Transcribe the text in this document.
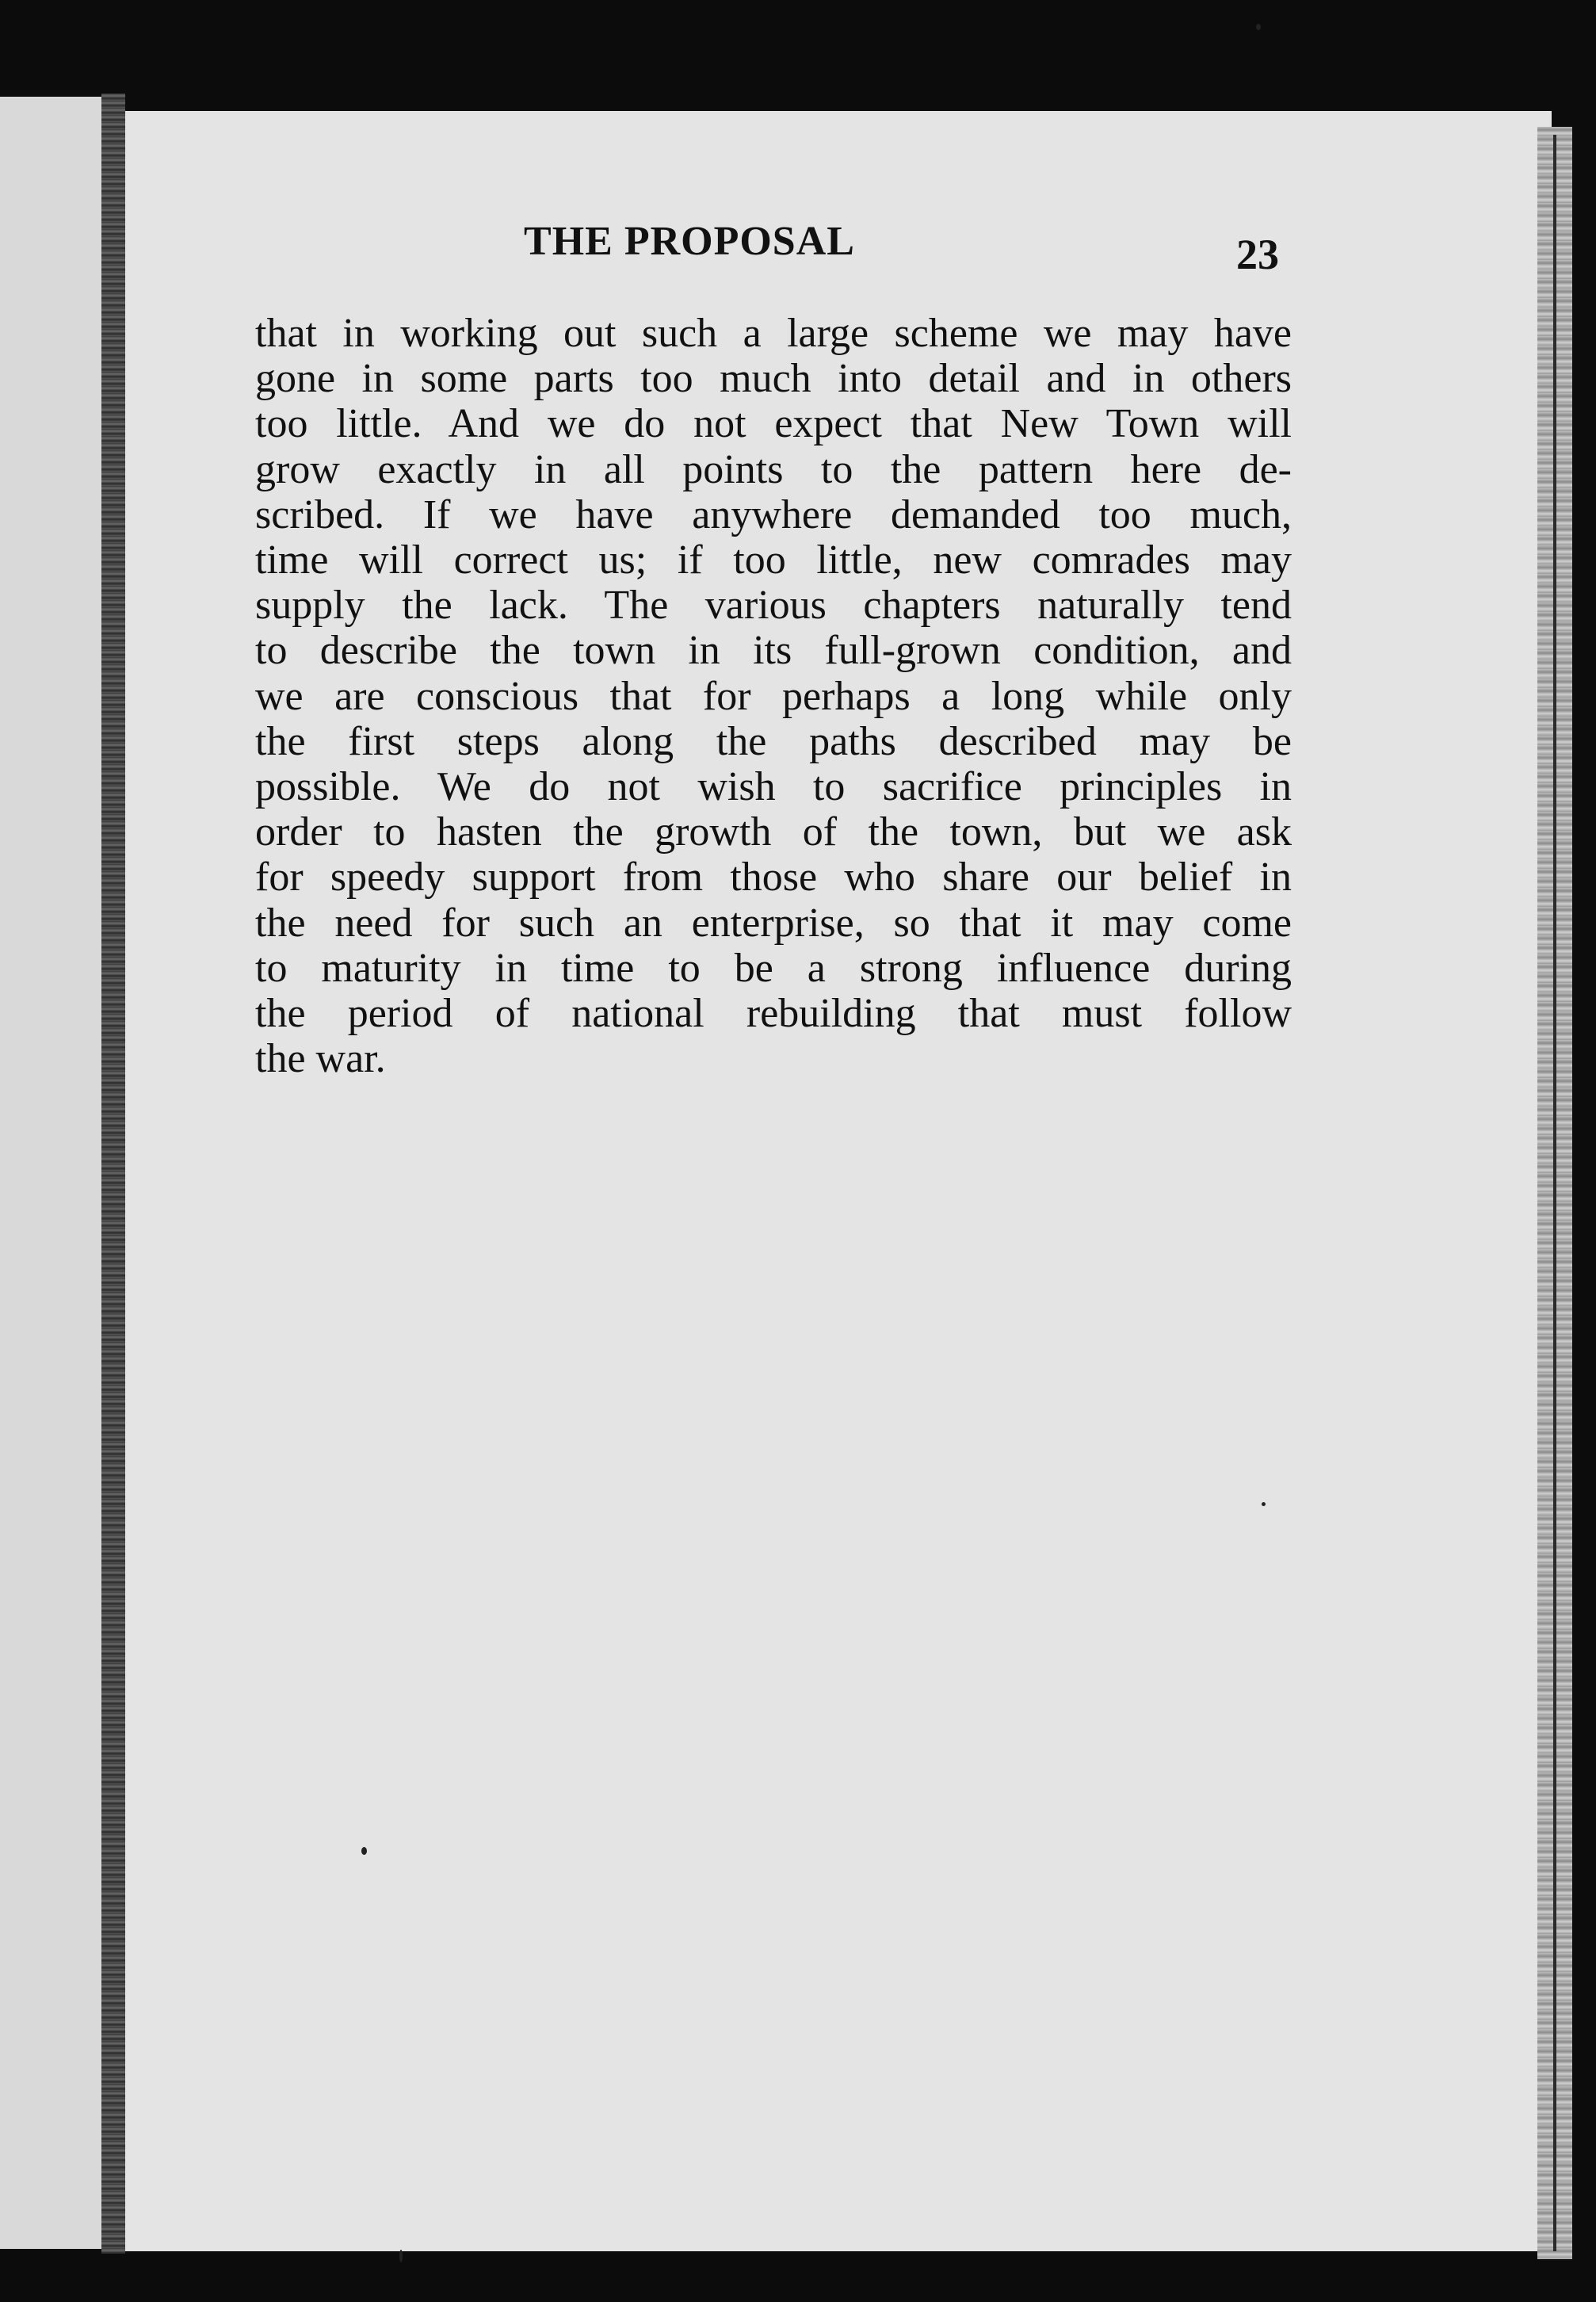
THE PROPOSAL	23

that in working out such a large scheme we may have
gone in some parts too much into detail and in others
too little. And we do not expect that New Town will
grow exactly in all points to the pattern here de-
scribed. If we have anywhere demanded too much,
time will correct us; if too little, new comrades may
supply the lack. The various chapters naturally tend
to describe the town in its full-grown condition, and
we are conscious that for perhaps a long while only
the first steps along the paths described may be
possible. We do not wish to sacrifice principles in
order to hasten the growth of the town, but we ask
for speedy support from those who share our belief in
the need for such an enterprise, so that it may come
to maturity in time to be a strong influence during
the period of national rebuilding that must follow
the war.
